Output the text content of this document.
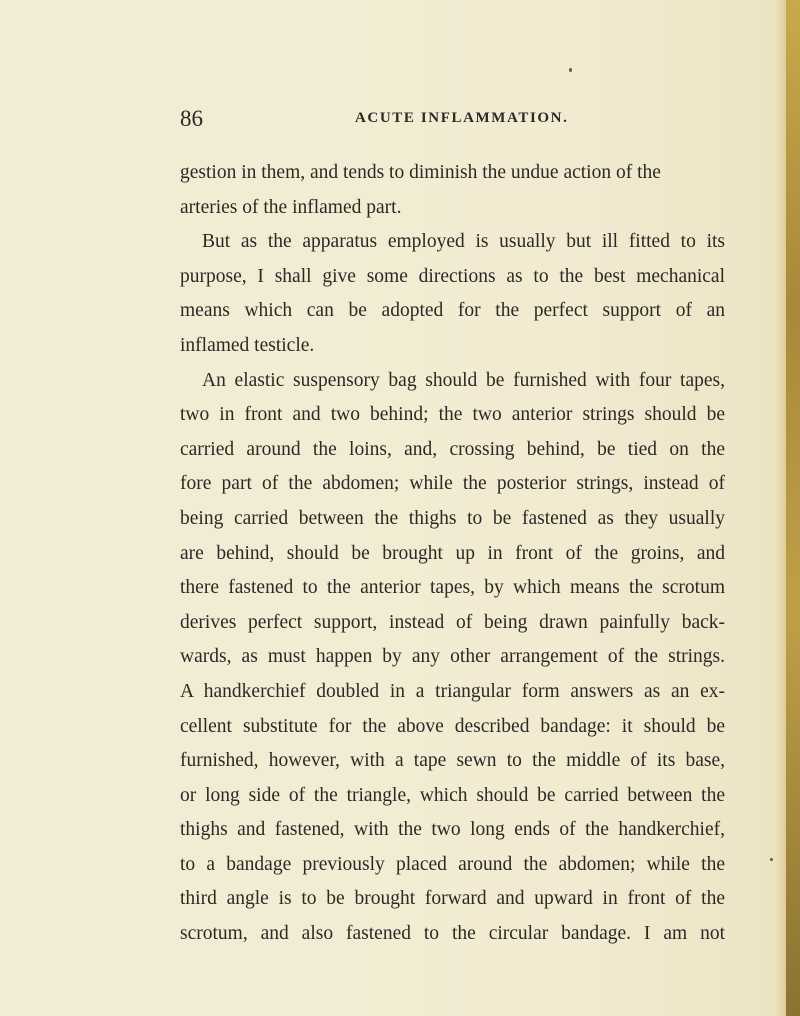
86	ACUTE INFLAMMATION.
gestion in them, and tends to diminish the undue action of the
arteries of the inflamed part.
But as the apparatus employed is usually but ill fitted to its
purpose, I shall give some directions as to the best mechanical
means which can be adopted for the perfect support of an
inflamed testicle.
An elastic suspensory bag should be furnished with four tapes,
two in front and two behind; the two anterior strings should be
carried around the loins, and, crossing behind, be tied on the
fore part of the abdomen; while the posterior strings, instead of
being carried between the thighs to be fastened as they usually
are behind, should be brought up in front of the groins, and
there fastened to the anterior tapes, by which means the scrotum
derives perfect support, instead of being drawn painfully back-
wards, as must happen by any other arrangement of the strings.
A handkerchief doubled in a triangular form answers as an ex-
cellent substitute for the above described bandage: it should be
furnished, however, with a tape sewn to the middle of its base,
or long side of the triangle, which should be carried between the
thighs and fastened, with the two long ends of the handkerchief,
to a bandage previously placed around the abdomen; while the
third angle is to be brought forward and upward in front of the
scrotum, and also fastened to the circular bandage. I am not
